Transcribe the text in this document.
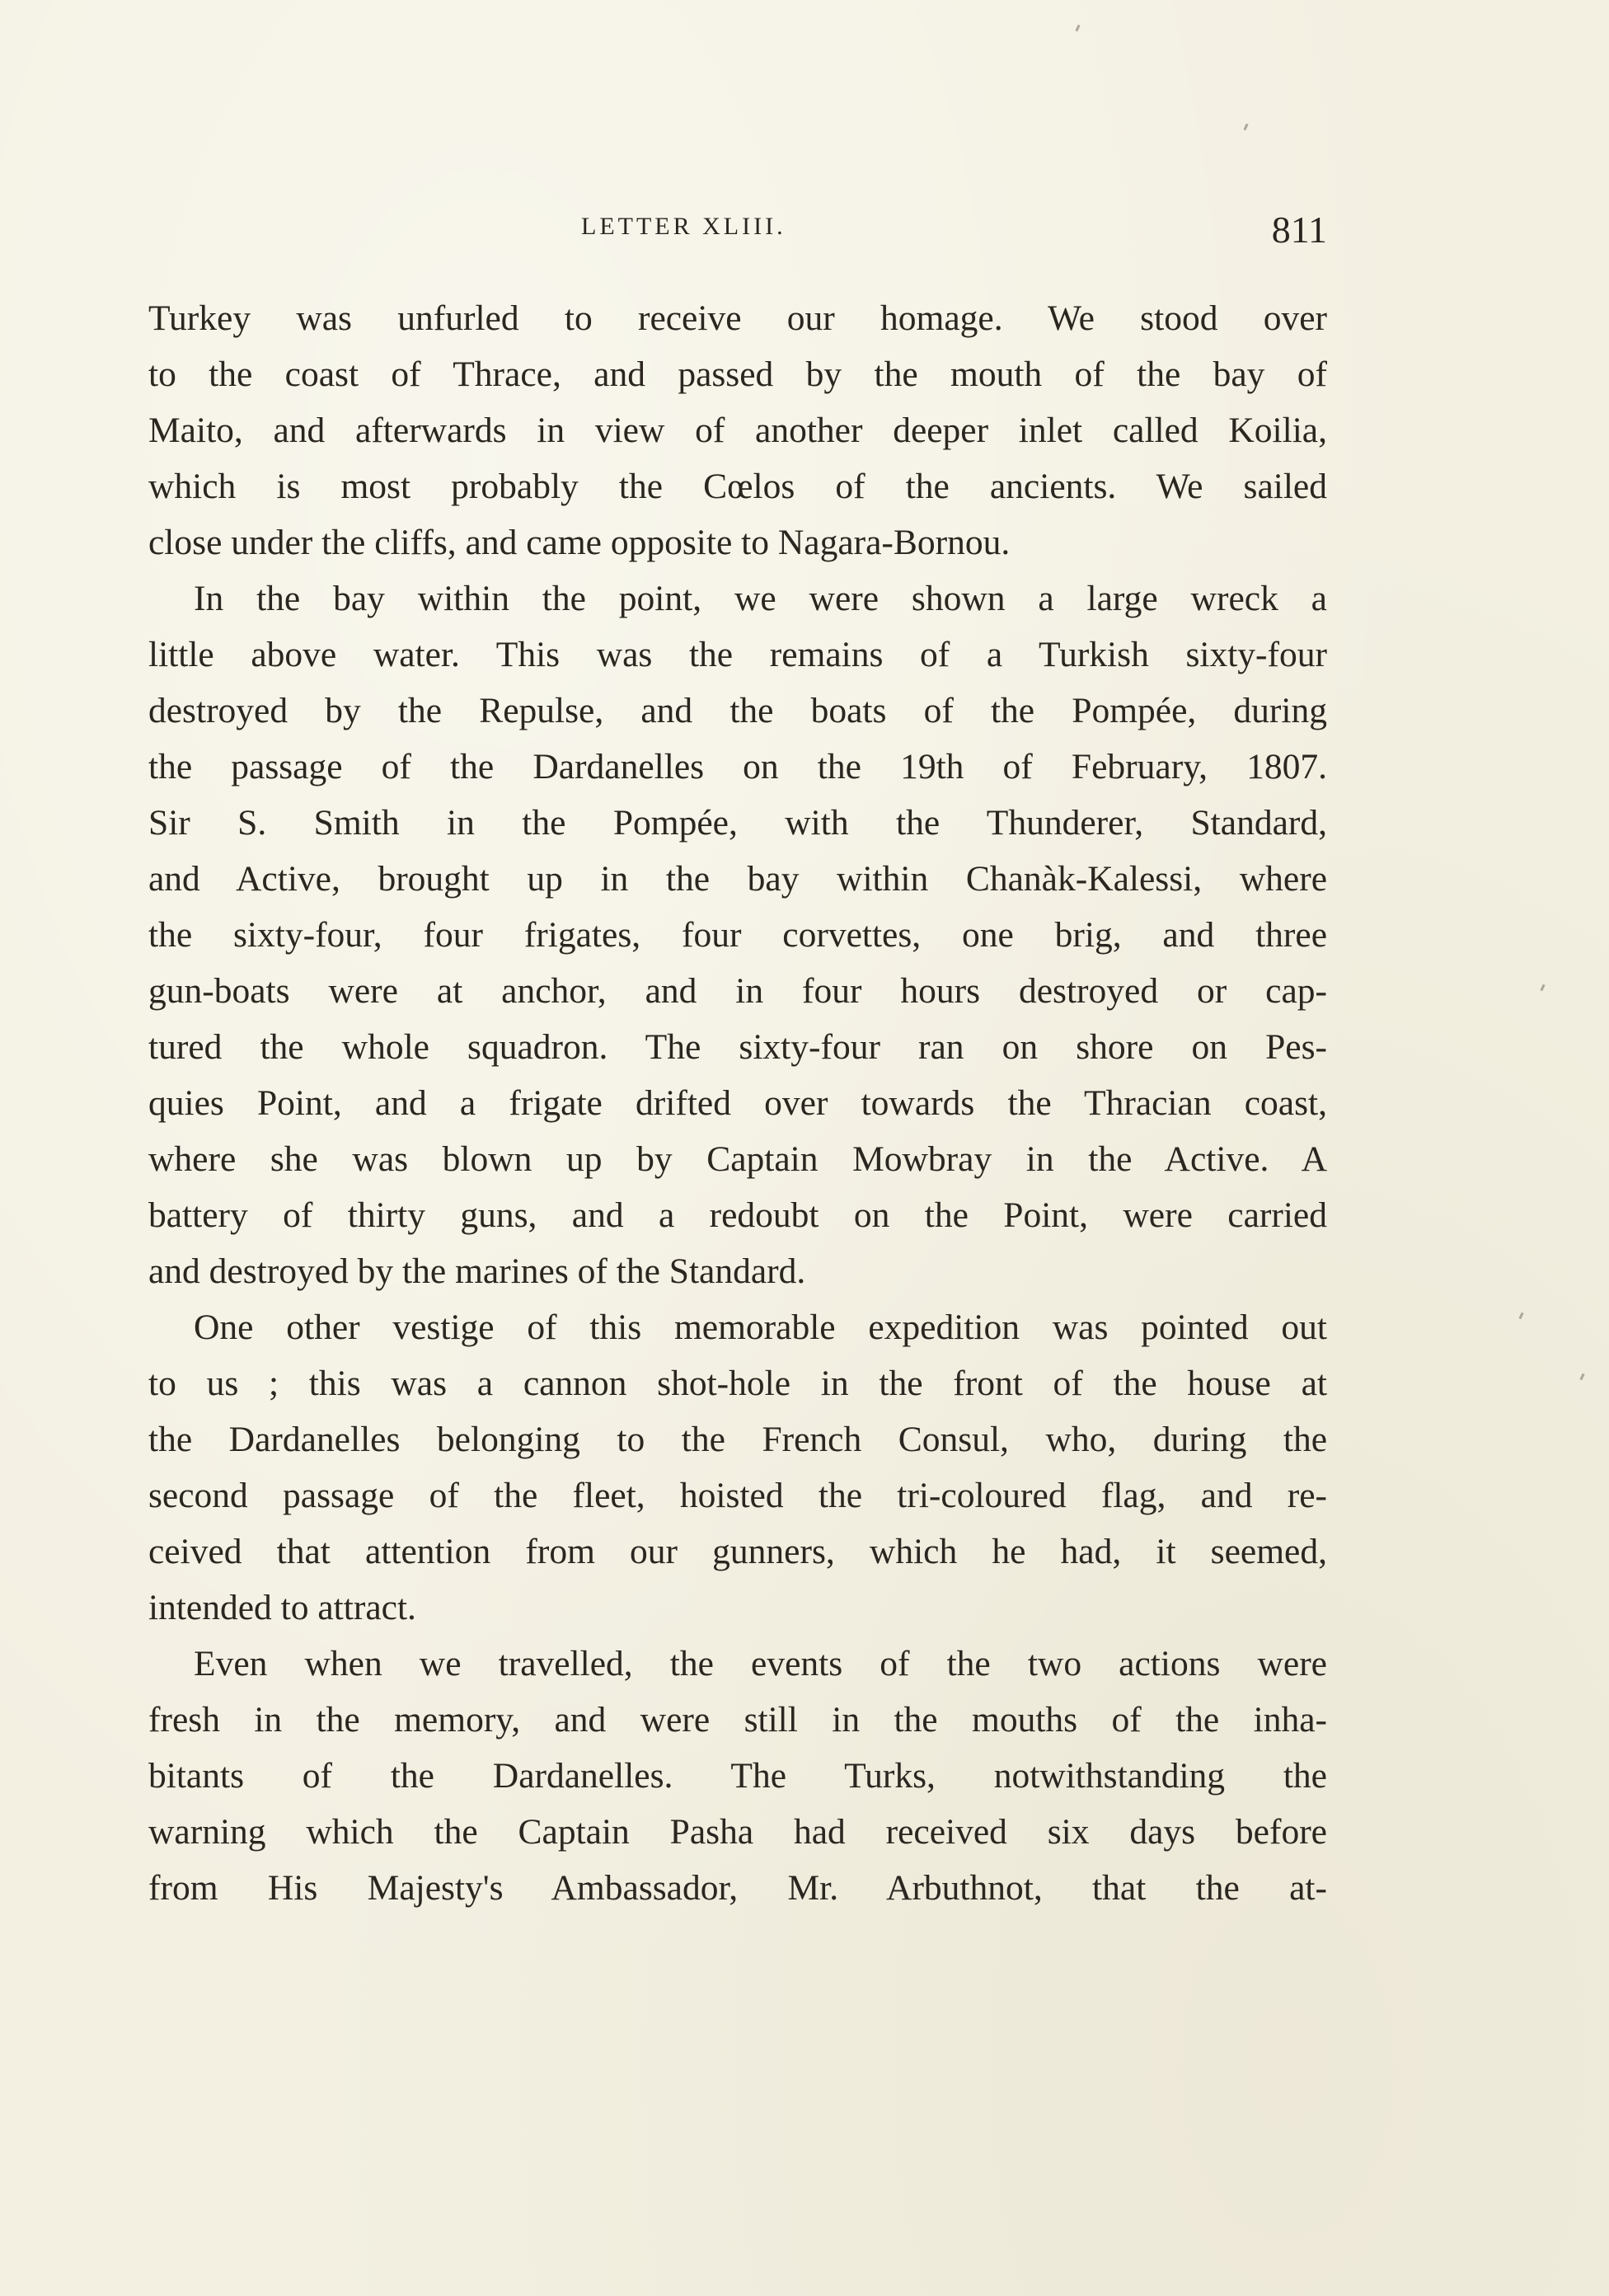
LETTER XLIII.	811
Turkey was unfurled to receive our homage. We stood over
to the coast of Thrace, and passed by the mouth of the bay of
Maito, and afterwards in view of another deeper inlet called Koilia,
which is most probably the Cœlos of the ancients. We sailed
close under the cliffs, and came opposite to Nagara-Bornou.
In the bay within the point, we were shown a large wreck a
little above water. This was the remains of a Turkish sixty-four
destroyed by the Repulse, and the boats of the Pompée, during
the passage of the Dardanelles on the 19th of February, 1807.
Sir S. Smith in the Pompée, with the Thunderer, Standard,
and Active, brought up in the bay within Chanàk-Kalessi, where
the sixty-four, four frigates, four corvettes, one brig, and three
gun-boats were at anchor, and in four hours destroyed or cap-
tured the whole squadron. The sixty-four ran on shore on Pes-
quies Point, and a frigate drifted over towards the Thracian coast,
where she was blown up by Captain Mowbray in the Active. A
battery of thirty guns, and a redoubt on the Point, were carried
and destroyed by the marines of the Standard.
One other vestige of this memorable expedition was pointed out
to us ; this was a cannon shot-hole in the front of the house at
the Dardanelles belonging to the French Consul, who, during the
second passage of the fleet, hoisted the tri-coloured flag, and re-
ceived that attention from our gunners, which he had, it seemed,
intended to attract.
Even when we travelled, the events of the two actions were
fresh in the memory, and were still in the mouths of the inha-
bitants of the Dardanelles. The Turks, notwithstanding the
warning which the Captain Pasha had received six days before
from His Majesty's Ambassador, Mr. Arbuthnot, that the at-
